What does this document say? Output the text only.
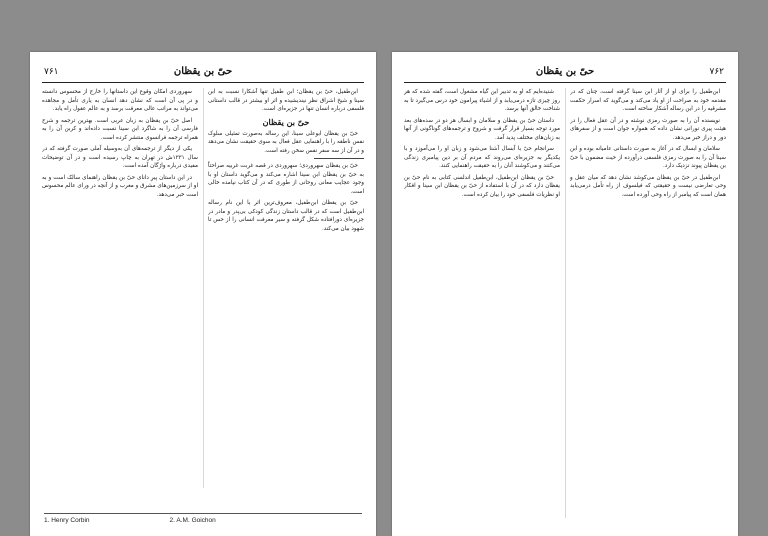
حیّ بن یقظان
۷۶۱

ابن‌طفیل، حیّ بن یقظان؛ ابن طفیل تنها آشکارا نسبت به ابن سینا و شیخ اشراق نظر نیندیشیده و اثر او بیشتر در قالب داستانی فلسفی درباره انسان تنها در جزیره‌ای است.

حیّ بن یقظان

حیّ بن یقظان ابوعلی سینا، این رساله به‌صورت تمثیلی سلوک نفس ناطقه را با راهنمایی عقل فعال به سوی حقیقت نشان می‌دهد و در آن از سه سفر نفس سخن رفته است.

حیّ بن یقظان سهروردی؛ سهروردی در قصه غربت غربیه صراحتاً به حیّ بن یقظان ابن سینا اشاره می‌کند و می‌گوید داستان او با وجود عجایب معانی روحانی از طوری که در آن کتاب نیامده خالی است.

حیّ بن یقظان ابن‌طفیل، معروف‌ترین اثر با این نام رساله ابن‌طفیل است که در قالب داستان زندگی کودکی بی‌پدر و مادر در جزیره‌ای دورافتاده شکل گرفته و سیر معرفت انسانی را از حس تا شهود بیان می‌کند.

سهروردی امکان وقوع این داستانها را خارج از محسوس دانسته و در پی آن است که نشان دهد انسان به یاری تأمل و مجاهده می‌تواند به مراتب عالی معرفت برسد و به عالم عقول راه یابد.

اصل حیّ بن یقظان به زبان عربی است. بهترین ترجمه و شرح فارسی آن را به شاگرد ابن سینا نسبت داده‌اند و کربن آن را به همراه ترجمه فرانسوی منتشر کرده است.

یکی از دیگر از ترجمه‌های آن به‌وسیله آملی صورت گرفته که در سال ۱۳۳۱ش در تهران به چاپ رسیده است و در آن توضیحات مفیدی درباره واژگان آمده است.

در این داستان پیرِ دانای حیّ بن یقظان راهنمای سالک است و به او از سرزمین‌های مشرق و مغرب و از آنچه در ورای عالم محسوس است خبر می‌دهد.

1. Henry Corbin	2. A.M. Goichon
حیّ بن یقظان	۷۶۲

ابن‌طفیل را برای او از آثار ابن سینا گرفته است، چنان که در مقدمه خود به صراحت از او یاد می‌کند و می‌گوید که اسرار حکمت مشرقیه را در این رساله آشکار ساخته است.

نویسنده آن را به صورت رمزی نوشته و در آن عقل فعال را در هیئت پیری نورانی نشان داده که همواره جوان است و از سفرهای دور و دراز خبر می‌دهد.

سلامان و ابسال که در آغاز به صورت داستانی عامیانه بوده و ابن سینا آن را به صورت رمزی فلسفی درآورده از حیث مضمون با حیّ بن یقظان پیوند نزدیک دارد.

ابن‌طفیل در حیّ بن یقظان می‌کوشد نشان دهد که میان عقل و وحی تعارضی نیست و حقیقتی که فیلسوف از راه تأمل درمی‌یابد همان است که پیامبر از راه وحی آورده است.

شنیده‌ایم که او به تدبیر این گیاه مشغول است، گفته شده که هر روز چیزی تازه درمی‌یابد و از اشیاء پیرامون خود درس می‌گیرد تا به شناخت خالق آنها برسد.

داستان حیّ بن یقظان و سلامان و ابسال هر دو در سده‌های بعد مورد توجه بسیار قرار گرفت و شروح و ترجمه‌های گوناگونی از آنها به زبان‌های مختلف پدید آمد.

سرانجام حیّ با آبسال آشنا می‌شود و زبان او را می‌آموزد و با یکدیگر به جزیره‌ای می‌روند که مردم آن بر دین پیامبری زندگی می‌کنند و می‌کوشند آنان را به حقیقت راهنمایی کنند.

حیّ بن یقظان ابن‌طفیل، ابن‌طفیل اندلسی کتابی به نام حیّ بن یقظان دارد که در آن با استفاده از حیّ بن یقظان ابن سینا و افکار او نظریات فلسفی خود را بیان کرده است.
